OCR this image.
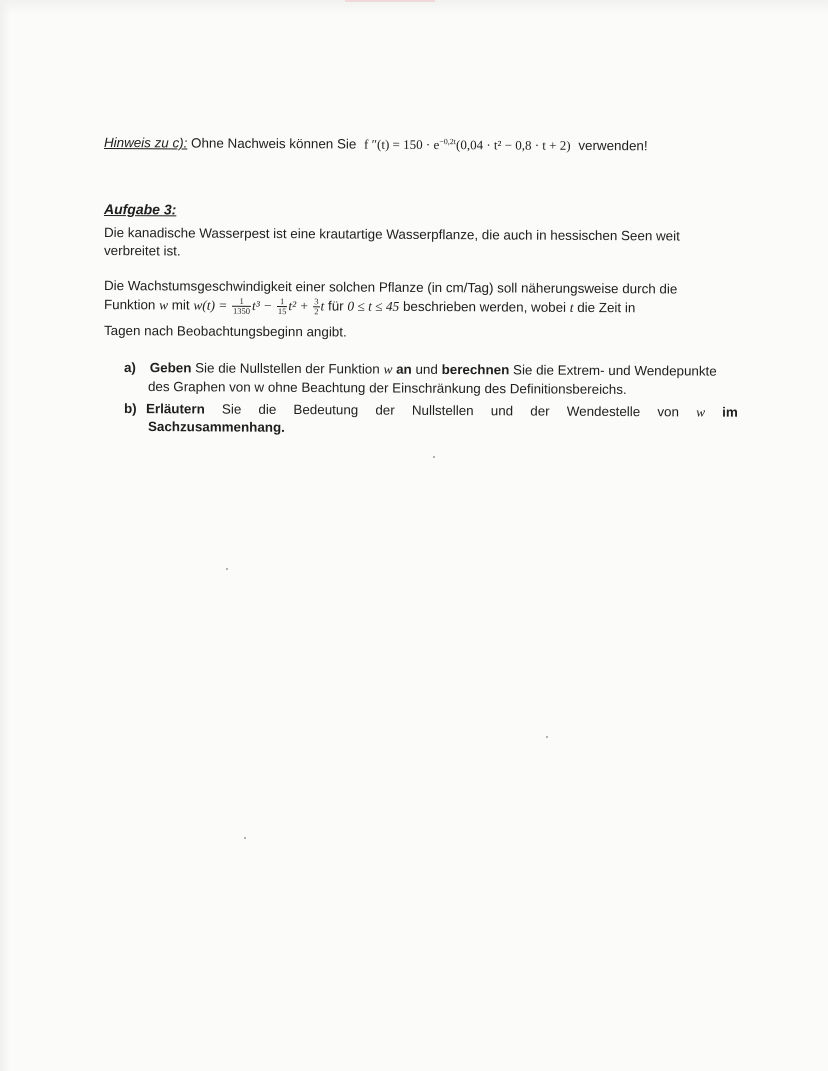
Hinweis zu c): Ohne Nachweis können Sie f $''(t) = 150 \cdot e^{-0,2t}(0,04 \cdot t^2 - 0,8 \cdot t + 2)$ verwenden!
Aufgabe 3:
Die kanadische Wasserpest ist eine krautartige Wasserpflanze, die auch in hessischen Seen weit
verbreitet ist.
Die Wachstumsgeschwindigkeit einer solchen Pflanze (in cm/Tag) soll näherungsweise durch die
Funktion w mit $w(t) = \frac{1}{1350} t^3 - \frac{1}{15} t^2 + \frac{3}{2}$ t für 0 ≤ t ≤ 45 beschrieben werden, wobei t die Zeit in
Tagen nach Beobachtungsbeginn angibt.
a) Geben Sie die Nullstellen der Funktion w an und berechnen Sie die Extrem- und Wendepunkte
des Graphen von w ohne Beachtung der Einschränkung des Definitionsbereichs.
b) Erläutern Sie die Bedeutung der Nullstellen und der Wendestelle von w im
Sachzusammenhang.
